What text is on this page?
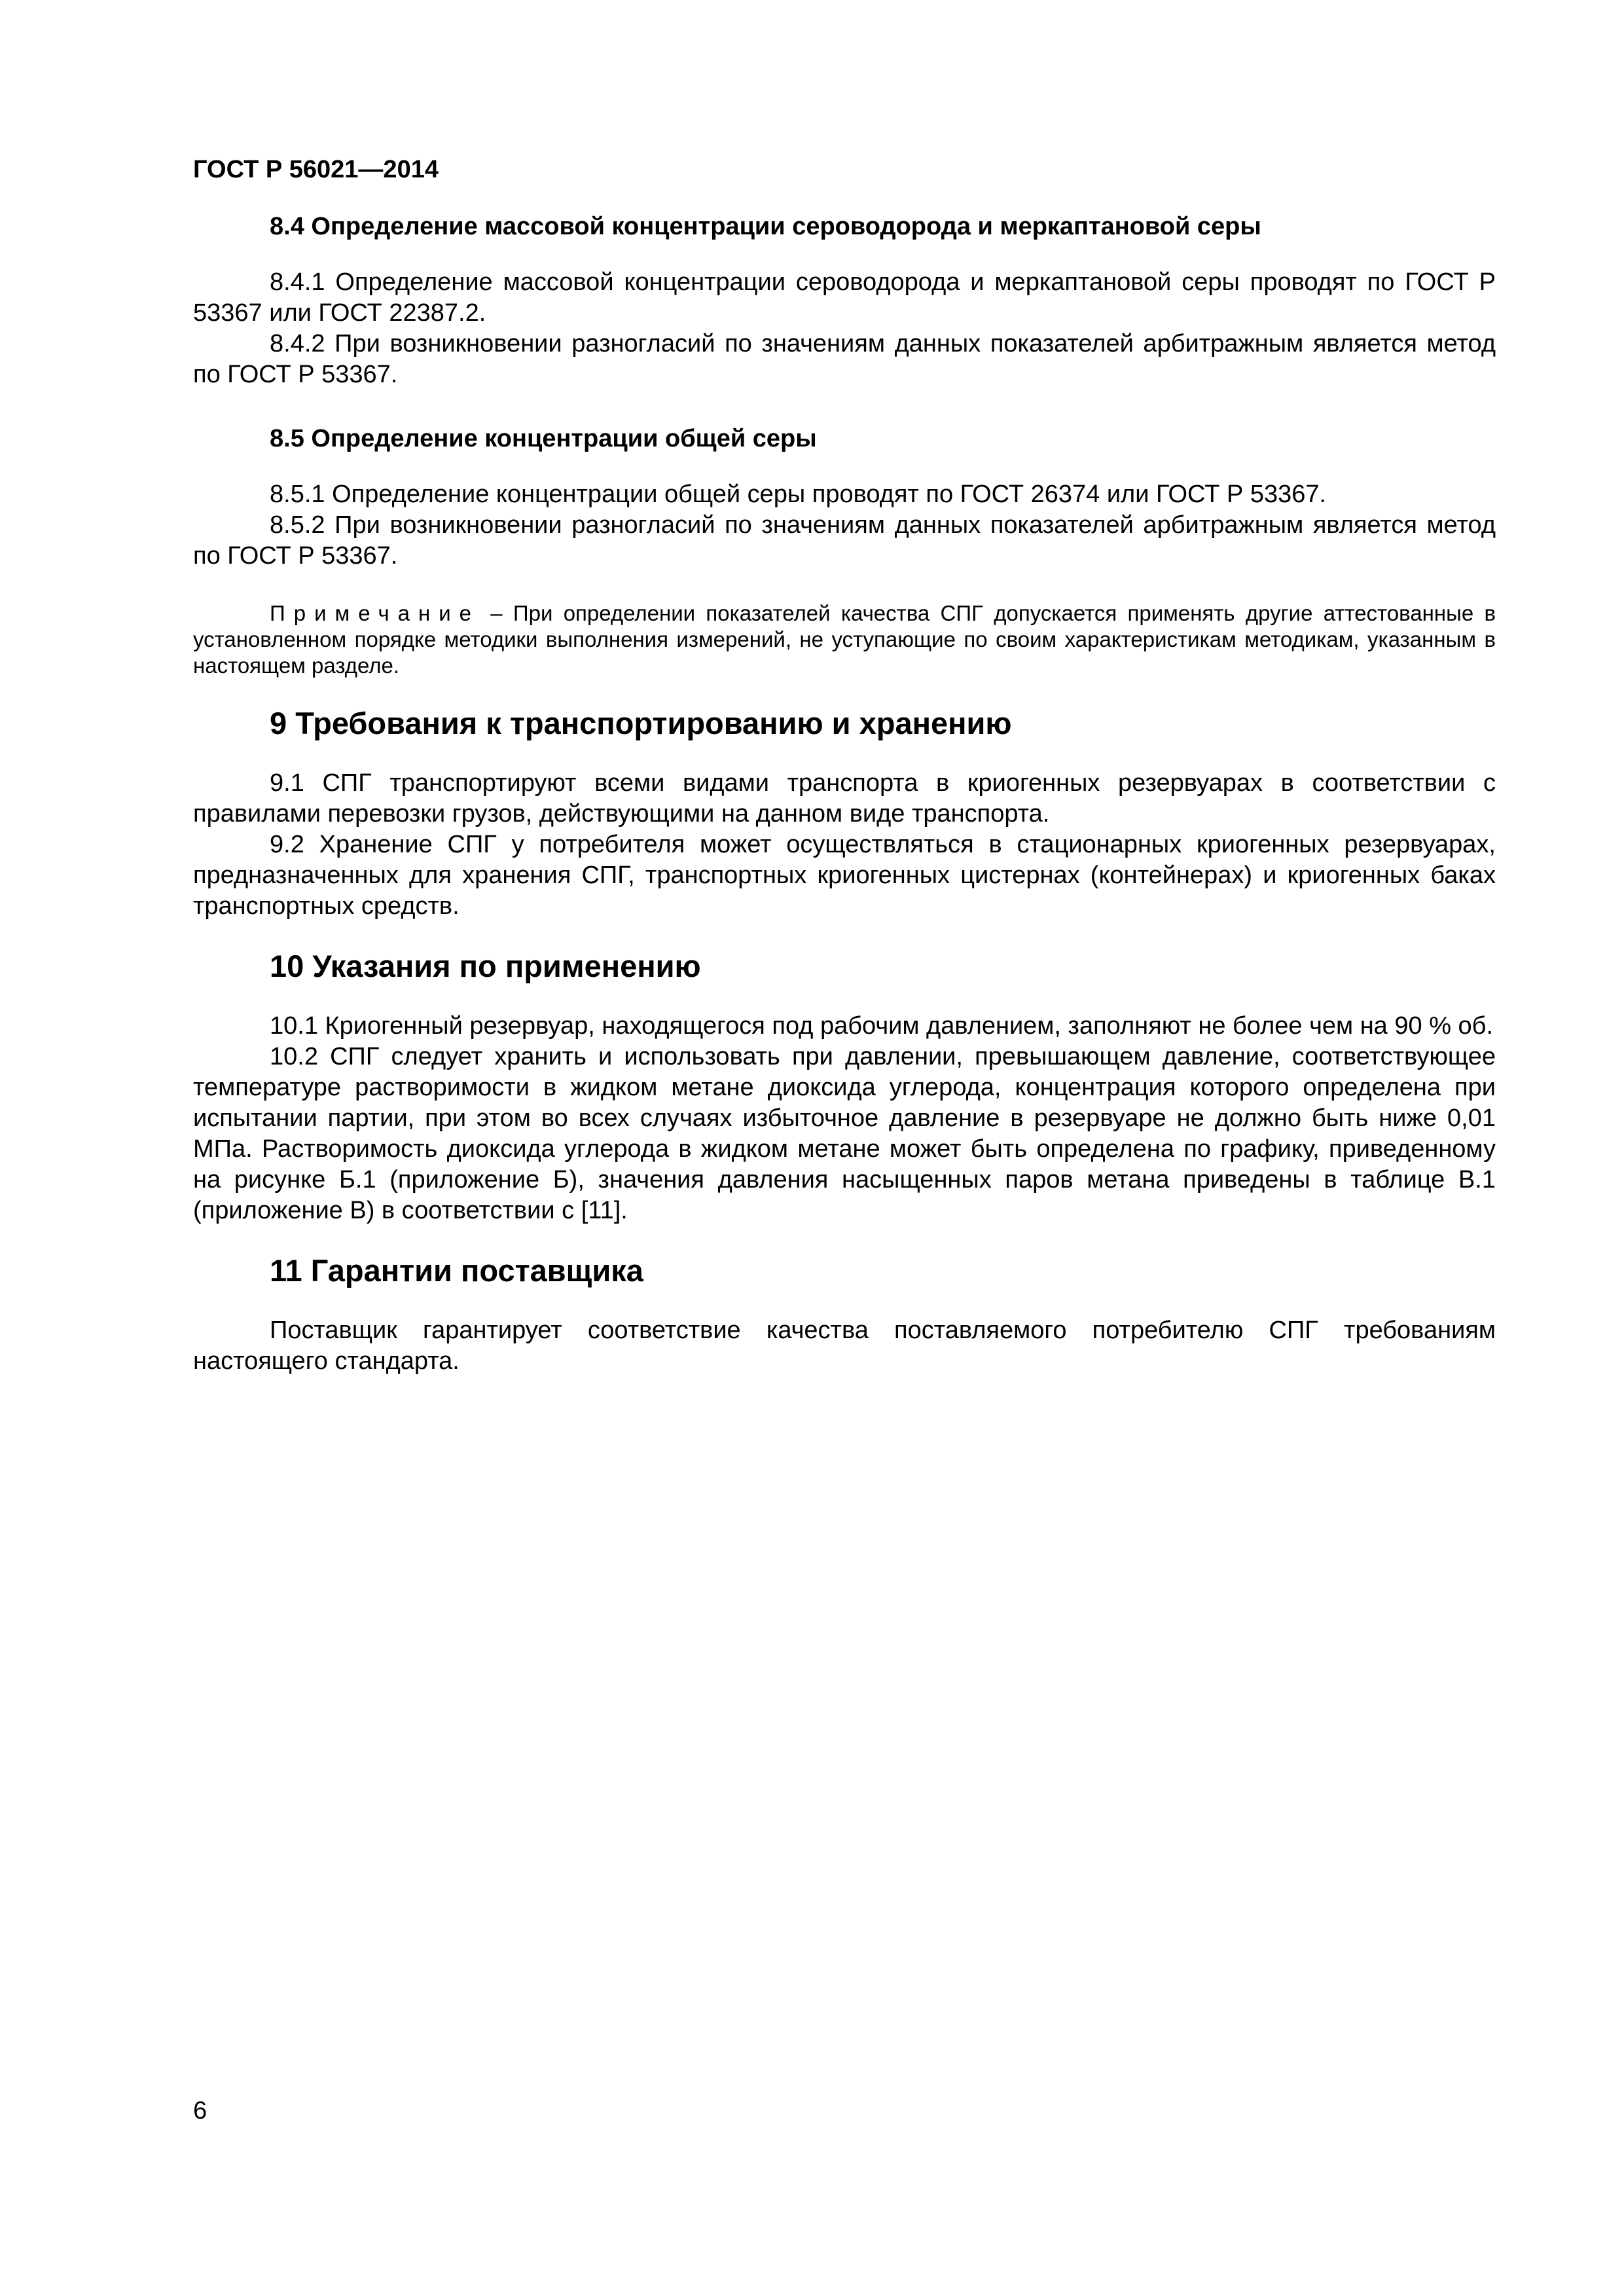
ГОСТ Р 56021—2014

8.4 Определение массовой концентрации сероводорода и меркаптановой серы

8.4.1 Определение массовой концентрации сероводорода и меркаптановой серы проводят по ГОСТ Р 53367 или ГОСТ 22387.2.

8.4.2 При возникновении разногласий по значениям данных показателей арбитражным является метод по ГОСТ Р 53367.

8.5 Определение концентрации общей серы

8.5.1 Определение концентрации общей серы проводят по ГОСТ 26374 или ГОСТ Р 53367.

8.5.2 При возникновении разногласий по значениям данных показателей арбитражным является метод по ГОСТ Р 53367.

Примечание – При определении показателей качества СПГ допускается применять другие аттестованные в установленном порядке методики выполнения измерений, не уступающие по своим характеристикам методикам, указанным в настоящем разделе.

9 Требования к транспортированию и хранению

9.1 СПГ транспортируют всеми видами транспорта в криогенных резервуарах в соответствии с правилами перевозки грузов, действующими на данном виде транспорта.

9.2 Хранение СПГ у потребителя может осуществляться в стационарных криогенных резервуарах, предназначенных для хранения СПГ, транспортных криогенных цистернах (контейнерах) и криогенных баках транспортных средств.

10 Указания по применению

10.1 Криогенный резервуар, находящегося под рабочим давлением, заполняют не более чем на 90 % об.

10.2 СПГ следует хранить и использовать при давлении, превышающем давление, соответствующее температуре растворимости в жидком метане диоксида углерода, концентрация которого определена при испытании партии, при этом во всех случаях избыточное давление в резервуаре не должно быть ниже 0,01 МПа. Растворимость диоксида углерода в жидком метане может быть определена по графику, приведенному на рисунке Б.1 (приложение Б), значения давления насыщенных паров метана приведены в таблице В.1 (приложение В) в соответствии с [11].

11 Гарантии поставщика

Поставщик гарантирует соответствие качества поставляемого потребителю СПГ требованиям настоящего стандарта.

6
